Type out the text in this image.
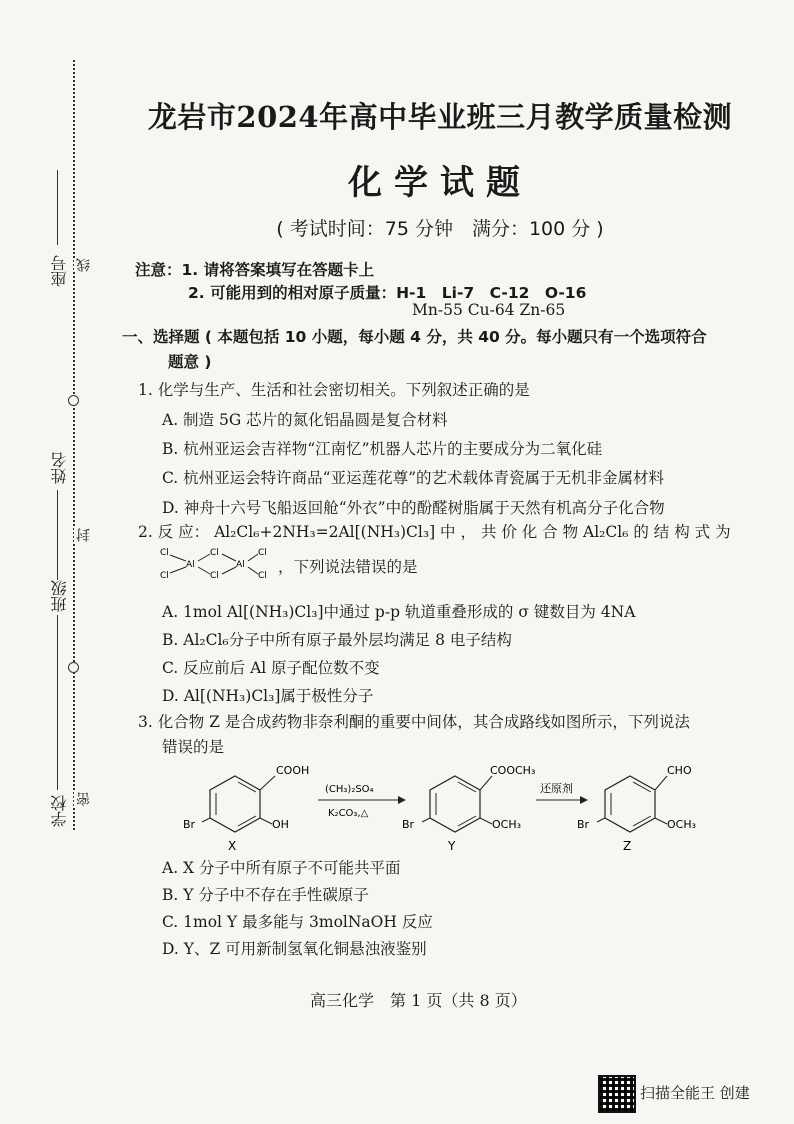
座号 线
姓名
封
班级
学校 密
龙岩市2024年高中毕业班三月教学质量检测
化学试题
( 考试时间：75 分钟　满分：100 分 )
注意：1. 请将答案填写在答题卡上
2. 可能用到的相对原子质量：H-1　Li-7　C-12　O-16
Mn-55 Cu-64 Zn-65
一、选择题 ( 本题包括 10 小题，每小题 4 分，共 40 分。每小题只有一个选项符合
题意 )
1. 化学与生产、生活和社会密切相关。下列叙述正确的是
A. 制造 5G 芯片的氮化铝晶圆是复合材料
B. 杭州亚运会吉祥物“江南忆”机器人芯片的主要成分为二氧化硅
C. 杭州亚运会特许商品“亚运莲花尊”的艺术载体青瓷属于无机非金属材料
D. 神舟十六号飞船返回舱“外衣”中的酚醛树脂属于天然有机高分子化合物
2. 反 应： Al₂Cl₆+2NH₃=2Al[(NH₃)Cl₃] 中 ， 共 价 化 合 物 Al₂Cl₆ 的 结 构 式 为
Cl
Cl
Al
Cl
Cl
Al
Cl
Cl ，下列说法错误的是
A. 1mol Al[(NH₃)Cl₃]中通过 p-p 轨道重叠形成的 σ 键数目为 4NA
B. Al₂Cl₆分子中所有原子最外层均满足 8 电子结构
C. 反应前后 Al 原子配位数不变
D. Al[(NH₃)Cl₃]属于极性分子
3. 化合物 Z 是合成药物非奈利酮的重要中间体，其合成路线如图所示，下列说法
错误的是
COOH
OH
Br
X
(CH₃)₂SO₄
K₂CO₃,△
COOCH₃
OCH₃
Br
Y
还原剂
CHO
OCH₃
Br
Z
A. X 分子中所有原子不可能共平面
B. Y 分子中不存在手性碳原子
C. 1mol Y 最多能与 3molNaOH 反应
D. Y、Z 可用新制氢氧化铜悬浊液鉴别
高三化学　第 1 页（共 8 页）
扫描全能王 创建
